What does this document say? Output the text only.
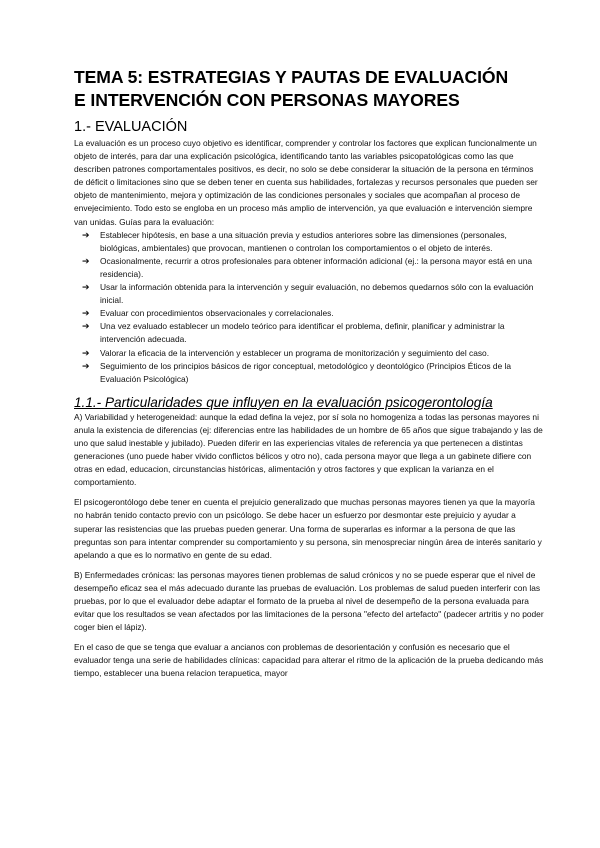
TEMA 5: ESTRATEGIAS Y PAUTAS DE EVALUACIÓN
E INTERVENCIÓN CON PERSONAS MAYORES
1.- EVALUACIÓN

La evaluación es un proceso cuyo objetivo es identificar, comprender y controlar los factores que explican funcionalmente un objeto de interés, para dar una explicación psicológica, identificando tanto las variables psicopatológicas como las que describen patrones comportamentales positivos, es decir, no solo se debe considerar la situación de la persona en términos de déficit o limitaciones sino que se deben tener en cuenta sus habilidades, fortalezas y recursos personales que pueden ser objeto de mantenimiento, mejora y optimización de las condiciones personales y sociales que acompañan al proceso de envejecimiento. Todo esto se engloba en un proceso más amplio de intervención, ya que evaluación e intervención siempre van unidas. Guías para la evaluación:

➔ Establecer hipótesis, en base a una situación previa y estudios anteriores sobre las dimensiones (personales, biológicas, ambientales) que provocan, mantienen o controlan los comportamientos o el objeto de interés.
➔ Ocasionalmente, recurrir a otros profesionales para obtener información adicional (ej.: la persona mayor está en una residencia).
➔ Usar la información obtenida para la intervención y seguir evaluación, no debemos quedarnos sólo con la evaluación inicial.
➔ Evaluar con procedimientos observacionales y correlacionales.
➔ Una vez evaluado establecer un modelo teórico para identificar el problema, definir, planificar y administrar la intervención adecuada.
➔ Valorar la eficacia de la intervención y establecer un programa de monitorización y seguimiento del caso.
➔ Seguimiento de los principios básicos de rigor conceptual, metodológico y deontológico (Principios Éticos de la Evaluación Psicológica)
1.1.- Particularidades que influyen en la evaluación psicogerontología

A) Variabilidad y heterogeneidad: aunque la edad defina la vejez, por sí sola no homogeniza a todas las personas mayores ni anula la existencia de diferencias (ej: diferencias entre las habilidades de un hombre de 65 años que sigue trabajando y las de uno que salud inestable y jubilado). Pueden diferir en las experiencias vitales de referencia ya que pertenecen a distintas generaciones (uno puede haber vivido conflictos bélicos y otro no), cada persona mayor que llega a un gabinete difiere con otras en edad, educacion, circunstancias históricas, alimentación y otros factores y que explican la varianza en el comportamiento.

El psicogerontólogo debe tener en cuenta el prejuicio generalizado que muchas personas mayores tienen ya que la mayoría no habrán tenido contacto previo con un psicólogo. Se debe hacer un esfuerzo por desmontar este prejuicio y ayudar a superar las resistencias que las pruebas pueden generar. Una forma de superarlas es informar a la persona de que las preguntas son para intentar comprender su comportamiento y su persona, sin menospreciar ningún área de interés sanitario y apelando a que es lo normativo en gente de su edad.

B) Enfermedades crónicas: las personas mayores tienen problemas de salud crónicos y no se puede esperar que el nivel de desempeño eficaz sea el más adecuado durante las pruebas de evaluación. Los problemas de salud pueden interferir con las pruebas, por lo que el evaluador debe adaptar el formato de la prueba al nivel de desempeño de la persona evaluada para evitar que los resultados se vean afectados por las limitaciones de la persona "efecto del artefacto" (padecer artritis y no poder coger bien el lápiz).

En el caso de que se tenga que evaluar a ancianos con problemas de desorientación y confusión es necesario que el evaluador tenga una serie de habilidades clínicas: capacidad para alterar el ritmo de la aplicación de la prueba dedicando más tiempo, establecer una buena relacion terapuetica, mayor
